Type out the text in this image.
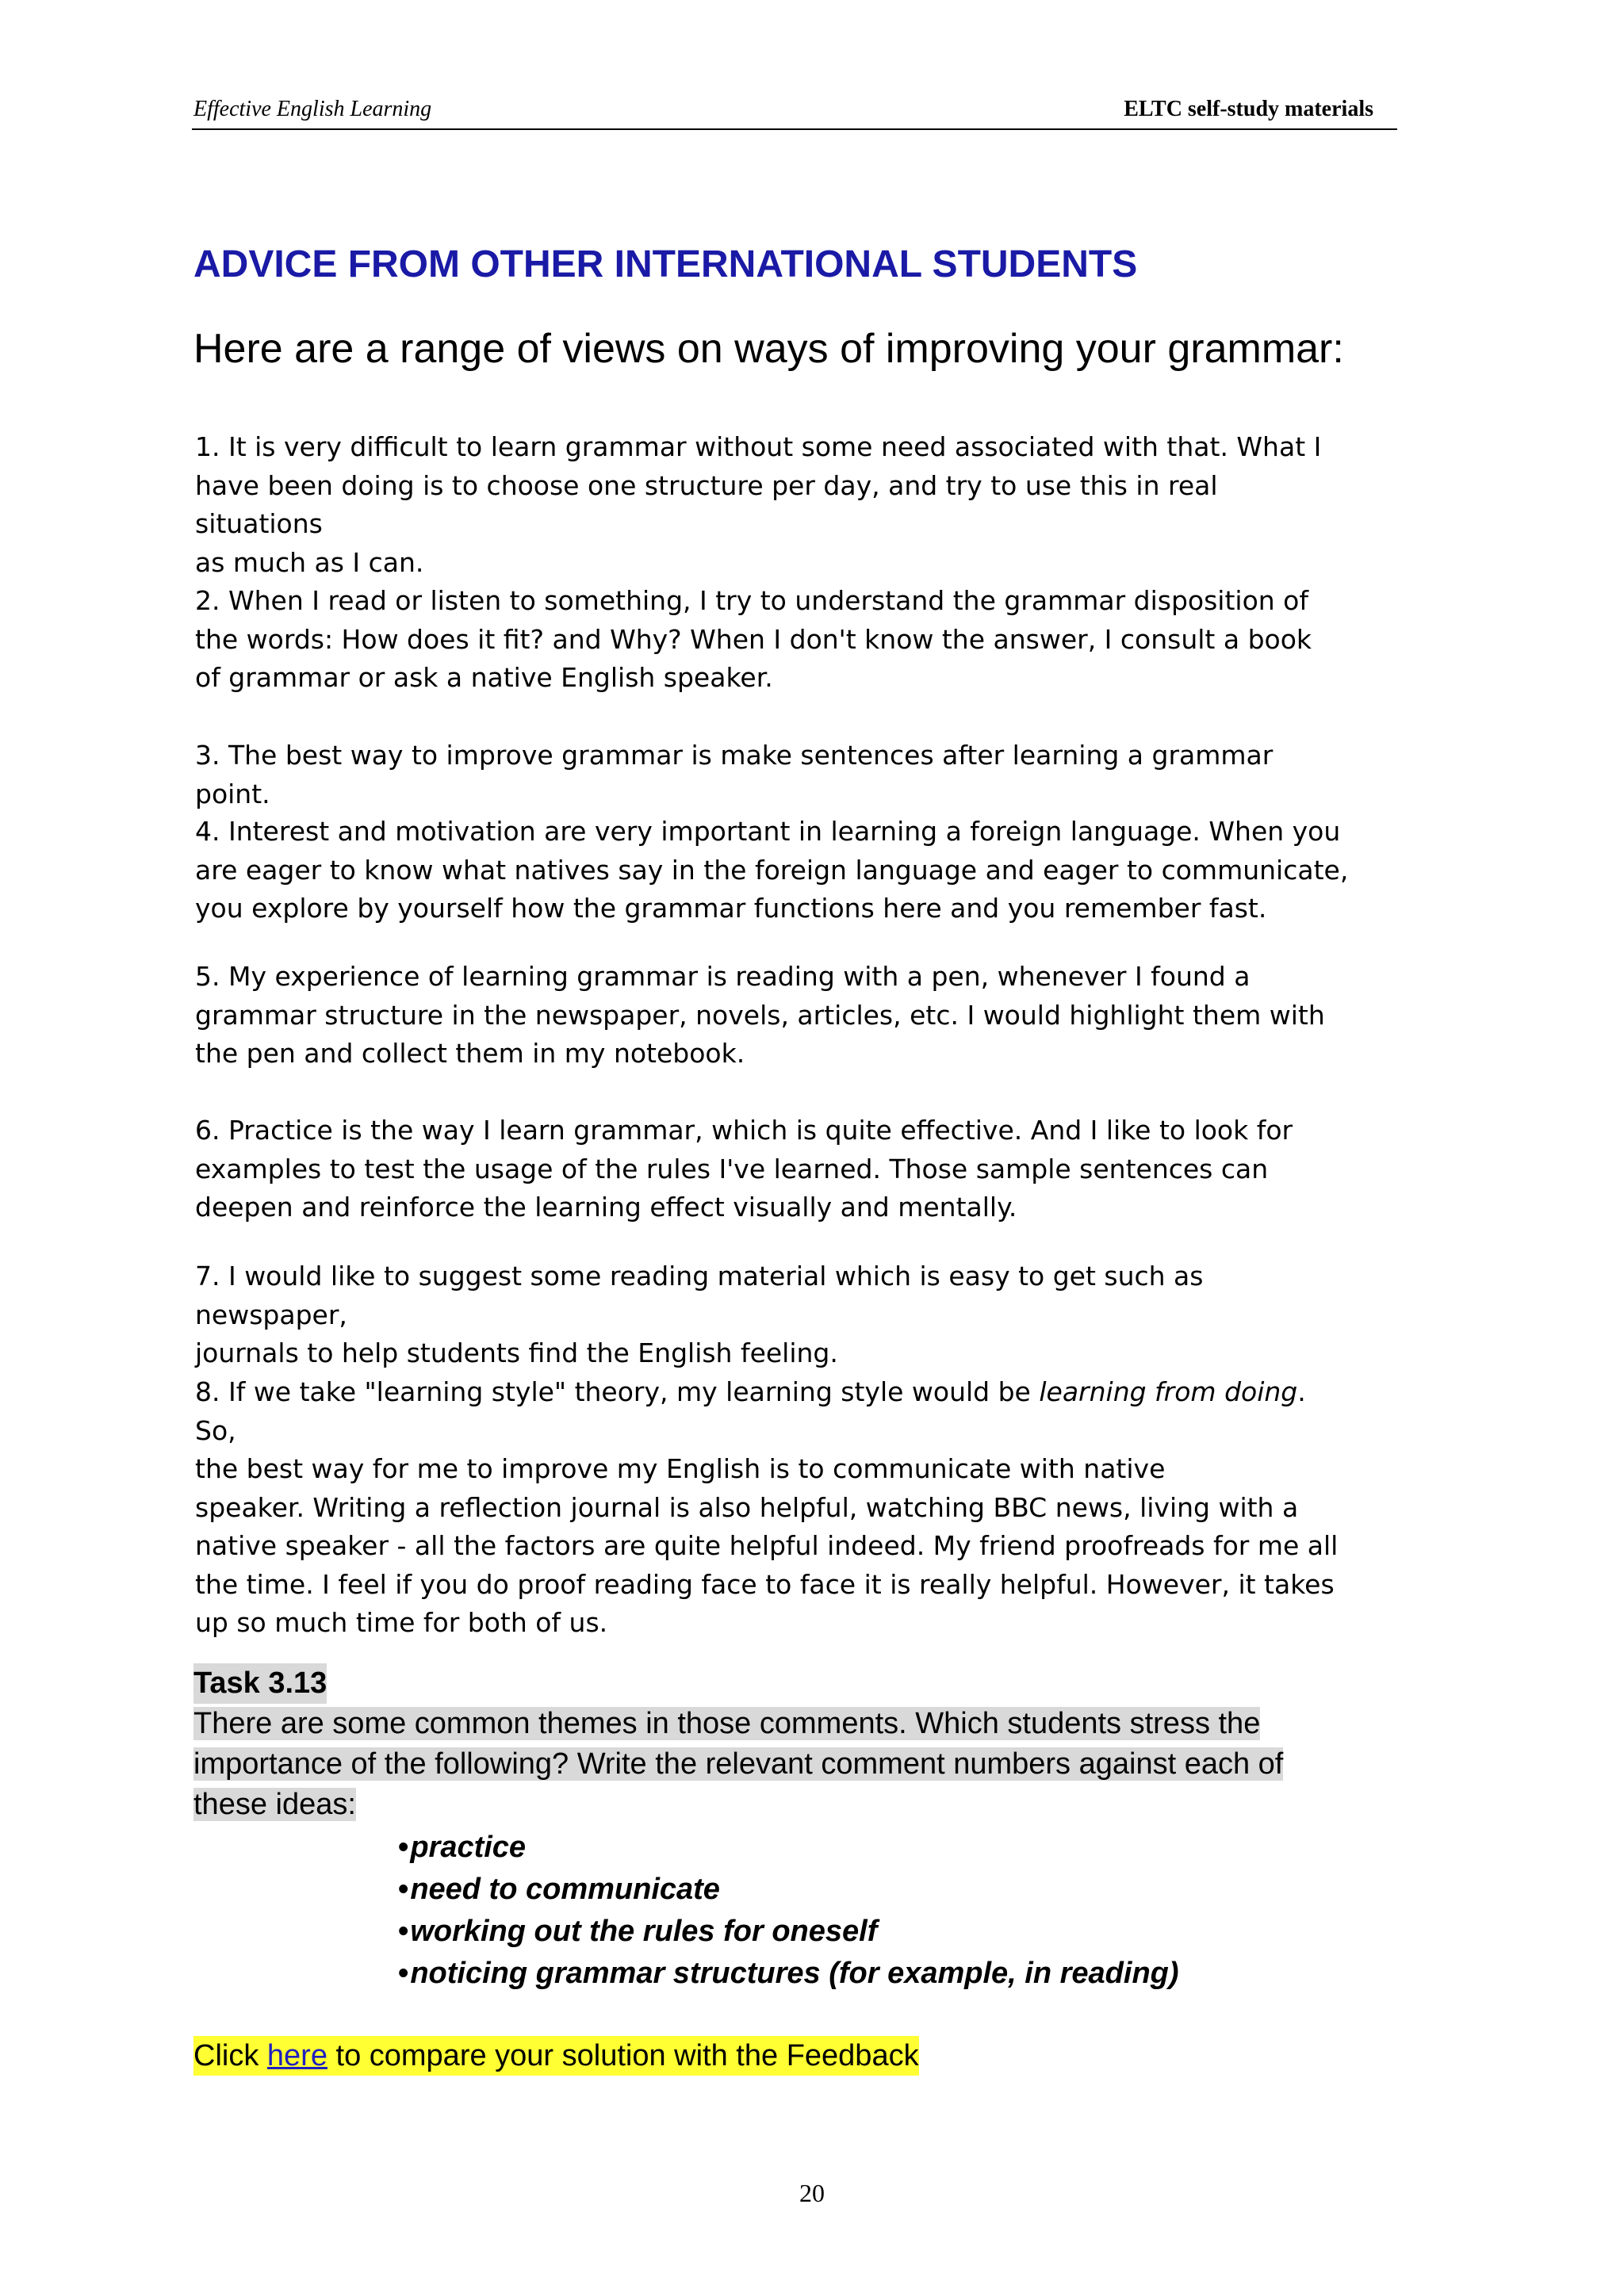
Effective English Learning	ELTC self-study materials
ADVICE FROM OTHER INTERNATIONAL STUDENTS
Here are a range of views on ways of improving your grammar:

1. It is very difficult to learn grammar without some need associated with that. What I
have been doing is to choose one structure per day, and try to use this in real situations
as much as I can.

2. When I read or listen to something, I try to understand the grammar disposition of
the words: How does it fit? and Why? When I don't know the answer, I consult a book
of grammar or ask a native English speaker.

3. The best way to improve grammar is make sentences after learning a grammar point.

4. Interest and motivation are very important in learning a foreign language. When you
are eager to know what natives say in the foreign language and eager to communicate,
you explore by yourself how the grammar functions here and you remember fast.

5. My experience of learning grammar is reading with a pen, whenever I found a
grammar structure in the newspaper, novels, articles, etc. I would highlight them with
the pen and collect them in my notebook.

6. Practice is the way I learn grammar, which is quite effective. And I like to look for
examples to test the usage of the rules I've learned. Those sample sentences can
deepen and reinforce the learning effect visually and mentally.

7. I would like to suggest some reading material which is easy to get such as newspaper,
journals to help students find the English feeling.

8. If we take "learning style" theory, my learning style would be learning from doing. So,
the best way for me to improve my English is to communicate with native
speaker. Writing a reflection journal is also helpful, watching BBC news, living with a
native speaker - all the factors are quite helpful indeed. My friend proofreads for me all
the time. I feel if you do proof reading face to face it is really helpful. However, it takes
up so much time for both of us.

Task 3.13
There are some common themes in those comments. Which students stress the
importance of the following? Write the relevant comment numbers against each of
these ideas:
• practice
• need to communicate
• working out the rules for oneself
• noticing grammar structures (for example, in reading)
Click here to compare your solution with the Feedback
20
